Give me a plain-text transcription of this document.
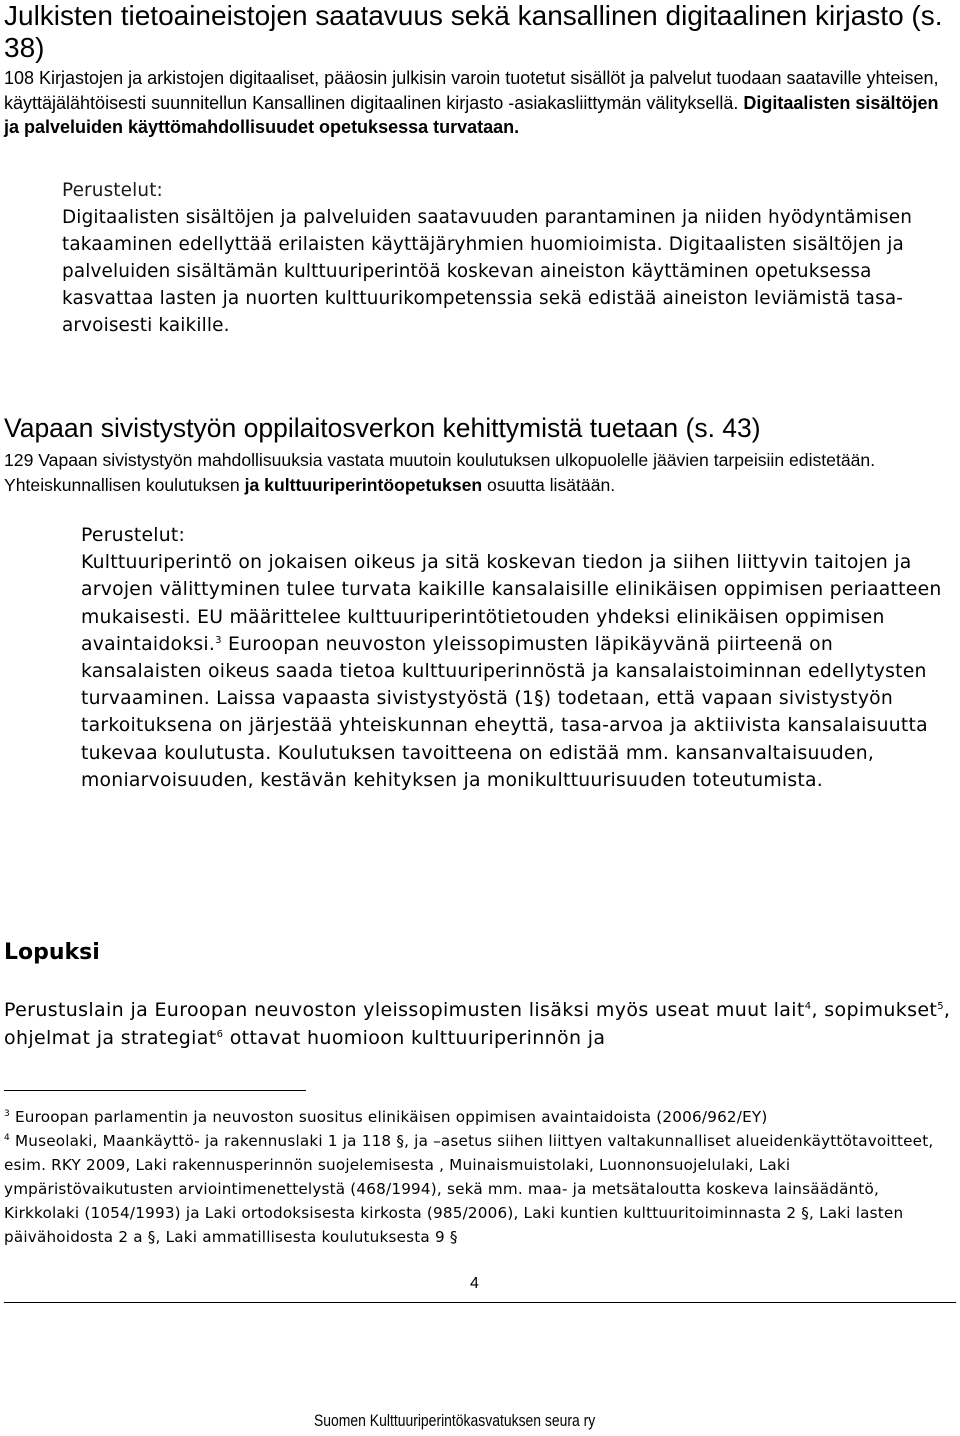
Julkisten tietoaineistojen saatavuus sekä kansallinen digitaalinen kirjasto (s. 38)

108 Kirjastojen ja arkistojen digitaaliset, pääosin julkisin varoin tuotetut sisällöt ja palvelut tuodaan saataville yhteisen, käyttäjälähtöisesti suunnitellun Kansallinen digitaalinen kirjasto -asiakasliittymän välityksellä. Digitaalisten sisältöjen ja palveluiden käyttömahdollisuudet opetuksessa turvataan.

Perustelut:
Digitaalisten sisältöjen ja palveluiden saatavuuden parantaminen ja niiden hyödyntämisen takaaminen edellyttää erilaisten käyttäjäryhmien huomioimista. Digitaalisten sisältöjen ja palveluiden sisältämän kulttuuriperintöä koskevan aineiston käyttäminen opetuksessa kasvattaa lasten ja nuorten kulttuurikompetenssia sekä edistää aineiston leviämistä tasa-arvoisesti kaikille.
Vapaan sivistystyön oppilaitosverkon kehittymistä tuetaan (s. 43)

129 Vapaan sivistystyön mahdollisuuksia vastata muutoin koulutuksen ulkopuolelle jäävien tarpeisiin edistetään. Yhteiskunnallisen koulutuksen ja kulttuuriperintöopetuksen osuutta lisätään.

Perustelut:
Kulttuuriperintö on jokaisen oikeus ja sitä koskevan tiedon ja siihen liittyvin taitojen ja arvojen välittyminen tulee turvata kaikille kansalaisille elinikäisen oppimisen periaatteen mukaisesti. EU määrittelee kulttuuriperintötietouden yhdeksi elinikäisen oppimisen avaintaidoksi.$^3$ Euroopan neuvoston yleissopimusten läpikäyvänä piirteenä on kansalaisten oikeus saada tietoa kulttuuriperinnöstä ja kansalaistoiminnan edellytysten turvaaminen. Laissa vapaasta sivistystyöstä (1§) todetaan, että vapaan sivistystyön tarkoituksena on järjestää yhteiskunnan eheyttä, tasa-arvoa ja aktiivista kansalaisuutta tukevaa koulutusta. Koulutuksen tavoitteena on edistää mm. kansanvaltaisuuden, moniarvoisuuden, kestävän kehityksen ja monikulttuurisuuden toteutumista.
Lopuksi

Perustuslain ja Euroopan neuvoston yleissopimusten lisäksi myös useat muut lait$^4$, sopimukset$^5$, ohjelmat ja strategiat$^6$ ottavat huomioon kulttuuriperinnön ja

$^3$ Euroopan parlamentin ja neuvoston suositus elinikäisen oppimisen avaintaidoista (2006/962/EY)
$^4$ Museolaki, Maankäyttö- ja rakennuslaki 1 ja 118 §, ja –asetus siihen liittyen valtakunnalliset alueidenkäyttötavoitteet, esim. RKY 2009, Laki rakennusperinnön suojelemisesta , Muinaismuistolaki, Luonnonsuojelulaki, Laki ympäristövaikutusten arviointimenettelystä (468/1994), sekä mm. maa- ja metsätaloutta koskeva lainsäädäntö, Kirkkolaki (1054/1993) ja Laki ortodoksisesta kirkosta (985/2006), Laki kuntien kulttuuritoiminnasta 2 §, Laki lasten päivähoidosta 2 a §, Laki ammatillisesta koulutuksesta 9 §
4
Suomen Kulttuuriperintökasvatuksen seura ry
